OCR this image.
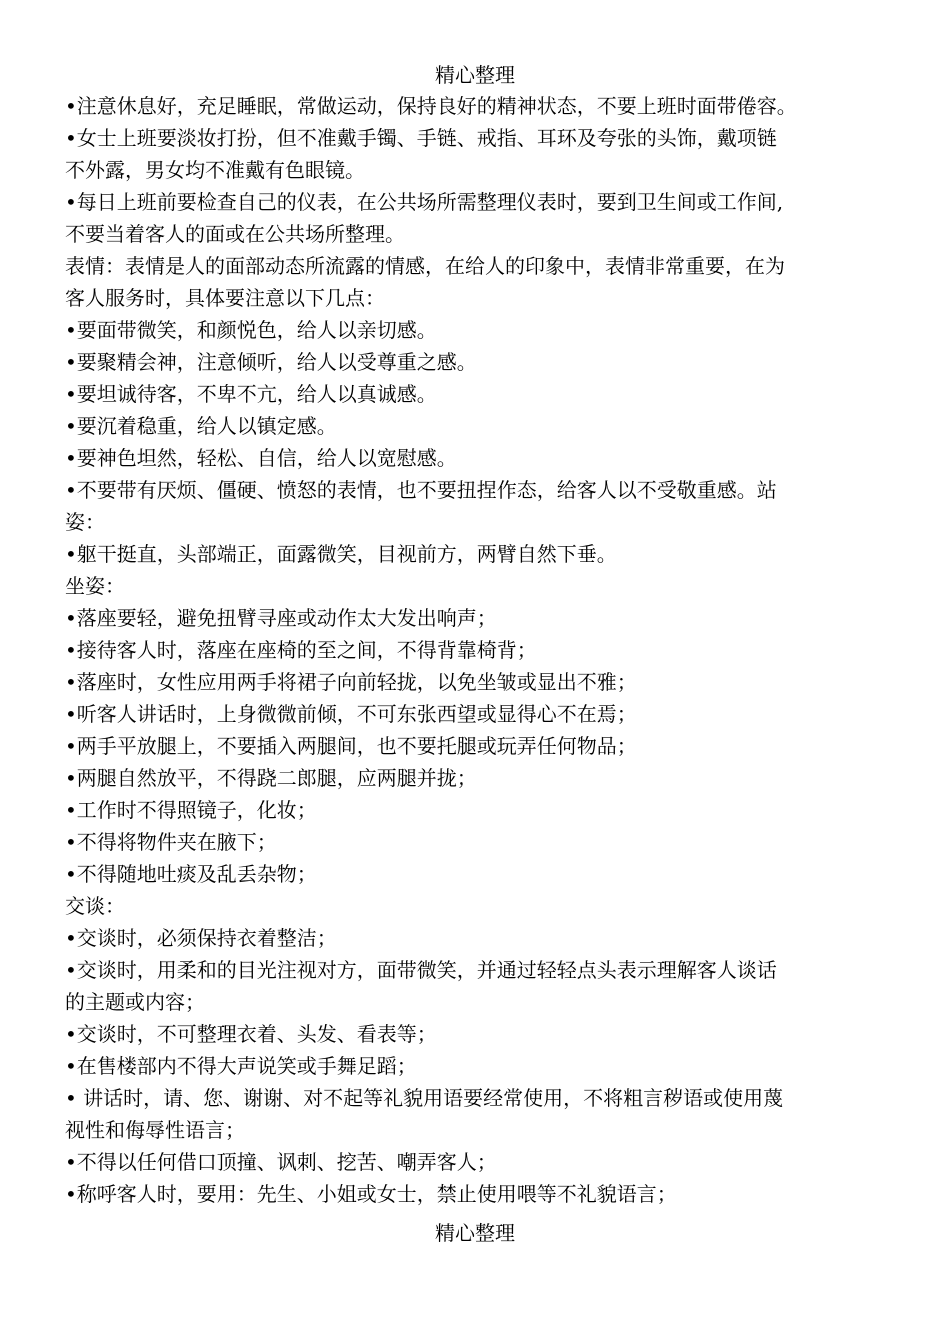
精心整理
•注意休息好，充足睡眠，常做运动，保持良好的精神状态，不要上班时面带倦容。
•女士上班要淡妆打扮，但不准戴手镯、手链、戒指、耳环及夸张的头饰，戴项链
不外露，男女均不准戴有色眼镜。
•每日上班前要检查自己的仪表，在公共场所需整理仪表时，要到卫生间或工作间,
不要当着客人的面或在公共场所整理。
表情：表情是人的面部动态所流露的情感，在给人的印象中，表情非常重要，在为
客人服务时，具体要注意以下几点：
•要面带微笑，和颜悦色，给人以亲切感。
•要聚精会神，注意倾听，给人以受尊重之感。
•要坦诚待客，不卑不亢，给人以真诚感。
•要沉着稳重，给人以镇定感。
•要神色坦然，轻松、自信，给人以宽慰感。
•不要带有厌烦、僵硬、愤怒的表情，也不要扭捏作态，给客人以不受敬重感。站
姿：
•躯干挺直，头部端正，面露微笑，目视前方，两臂自然下垂。
坐姿：
•落座要轻，避免扭臂寻座或动作太大发出响声；
•接待客人时，落座在座椅的至之间，不得背靠椅背；
•落座时，女性应用两手将裙子向前轻拢，以免坐皱或显出不雅；
•听客人讲话时，上身微微前倾，不可东张西望或显得心不在焉；
•两手平放腿上，不要插入两腿间，也不要托腿或玩弄任何物品；
•两腿自然放平，不得跷二郎腿，应两腿并拢；
•工作时不得照镜子，化妆；
•不得将物件夹在腋下；
•不得随地吐痰及乱丢杂物；
交谈：
•交谈时，必须保持衣着整洁；
•交谈时，用柔和的目光注视对方，面带微笑，并通过轻轻点头表示理解客人谈话
的主题或内容；
•交谈时，不可整理衣着、头发、看表等；
•在售楼部内不得大声说笑或手舞足蹈；
• 讲话时，请、您、谢谢、对不起等礼貌用语要经常使用，不将粗言秽语或使用蔑
视性和侮辱性语言；
•不得以任何借口顶撞、讽刺、挖苦、嘲弄客人；
•称呼客人时，要用：先生、小姐或女士，禁止使用喂等不礼貌语言；
精心整理
